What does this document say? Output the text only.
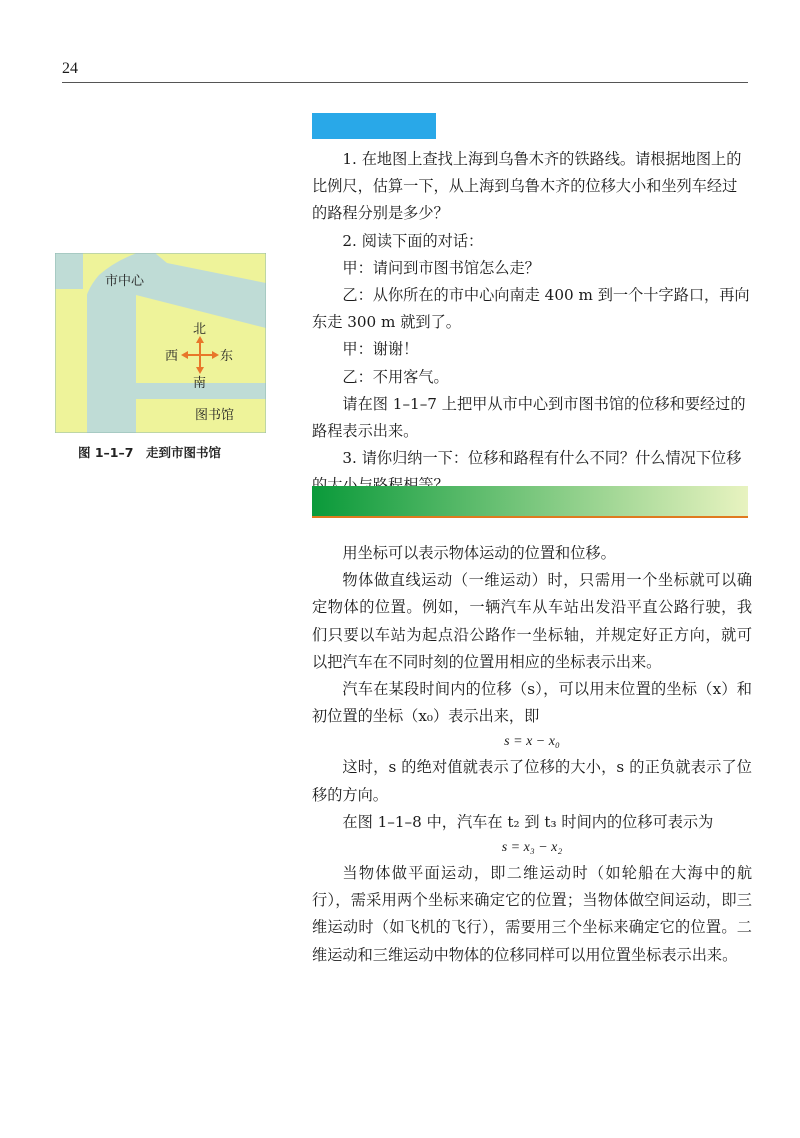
24

1. 在地图上查找上海到乌鲁木齐的铁路线。请根据地图上的比例尺，估算一下，从上海到乌鲁木齐的位移大小和坐列车经过的路程分别是多少？

2. 阅读下面的对话：

甲：请问到市图书馆怎么走？

乙：从你所在的市中心向南走 400 m 到一个十字路口，再向东走 300 m 就到了。

甲：谢谢！

乙：不用客气。

请在图 1–1–7 上把甲从市中心到市图书馆的位移和要经过的路程表示出来。

3. 请你归纳一下：位移和路程有什么不同？什么情况下位移

市中心
北
南
西	东
图书馆
图 1–1–7　走到市图书馆

用坐标可以表示物体运动的位置和位移。

物体做直线运动（一维运动）时，只需用一个坐标就可以确定物体的位置。例如，一辆汽车从车站出发沿平直公路行驶，我们只要以车站为起点沿公路作一坐标轴，并规定好正方向，就可以把汽车在不同时刻的位置用相应的坐标表示出来。

汽车在某段时间内的位移（s），可以用末位置的坐标（x）和初位置的坐标（x₀）表示出来，即

s = x − x₀

这时，s 的绝对值就表示了位移的大小，s 的正负就表示了位移的方向。

在图 1–1–8 中，汽车在 t₂ 到 t₃ 时间内的位移可表示为

s = x₃ − x₂

当物体做平面运动，即二维运动时（如轮船在大海中的航行），需采用两个坐标来确定它的位置；当物体做空间运动，即三维运动时（如飞机的飞行），需要用三个坐标来确定它的位置。二维运动和三维运动中物体的位移同样可以用位置坐标表示出来。
